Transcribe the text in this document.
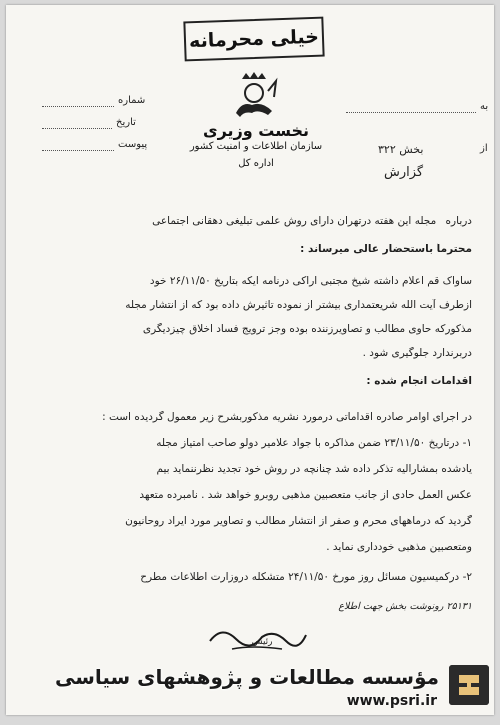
خیلی محرمانه
نخست وزیری
سازمان اطلاعات و امنیت کشور
اداره کل
شماره
تاریخ
پیوست
به
از
بخش ۳۲۲
گزارش
درباره مجله این هفته درتهران دارای روش علمی تبلیغی دهقانی اجتماعی
محترماً باستحضار عالی میرساند :
ساواک قم اعلام داشته شیخ مجتبی اراکی درنامه ایکه بتاریخ ۲۶/۱۱/۵۰ خود
ازطرف آیت الله شریعتمداری بیشتر از نموده تاثیرش داده بود که از انتشار مجله
مذکورکه حاوی مطالب و تصاویرزننده بوده وجز ترویج فساد اخلاق چیزدیگری
دربرندارد جلوگیری شود .
اقدامات انجام شده :
در اجرای اوامر صادره اقداماتی درمورد نشریه مذکوربشرح زیر معمول گردیده است :
۱- درتاریخ ۲۳/۱۱/۵۰ ضمن مذاکره با جواد علامیر دولو صاحب امتیاز مجله
یادشده بمشارالیه تذکر داده شد چنانچه در روش خود تجدید نظرننماید بیم
عکس العمل حادی از جانب متعصبین مذهبی روبرو خواهد شد . نامبرده متعهد
گردید که درماههای محرم و صفر از انتشار مطالب و تصاویر مورد ایراد روحانیون
ومتعصبین مذهبی خودداری نماید .
۲- درکمیسیون مسائل روز مورخ ۲۴/۱۱/۵۰ متشکله دروزارت اطلاعات مطرح
۲۵۱۳۱ رونوشت بخش جهت اطلاع
رئیس
مؤسسه مطالعات و پژوهشهای سیاسی
www.psri.ir
